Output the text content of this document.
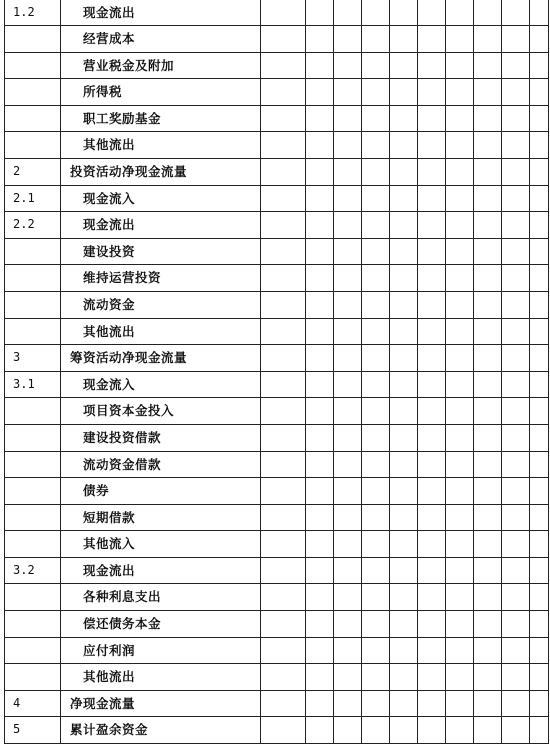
1.2	现金流出										
	经营成本										
	营业税金及附加										
	所得税										
	职工奖励基金										
	其他流出										
2	投资活动净现金流量										
2.1	现金流入										
2.2	现金流出										
	建设投资										
	维持运营投资										
	流动资金										
	其他流出										
3	筹资活动净现金流量										
3.1	现金流入										
	项目资本金投入										
	建设投资借款										
	流动资金借款										
	债券										
	短期借款										
	其他流入										
3.2	现金流出										
	各种利息支出										
	偿还债务本金										
	应付利润										
	其他流出										
4	净现金流量										
5	累计盈余资金										
